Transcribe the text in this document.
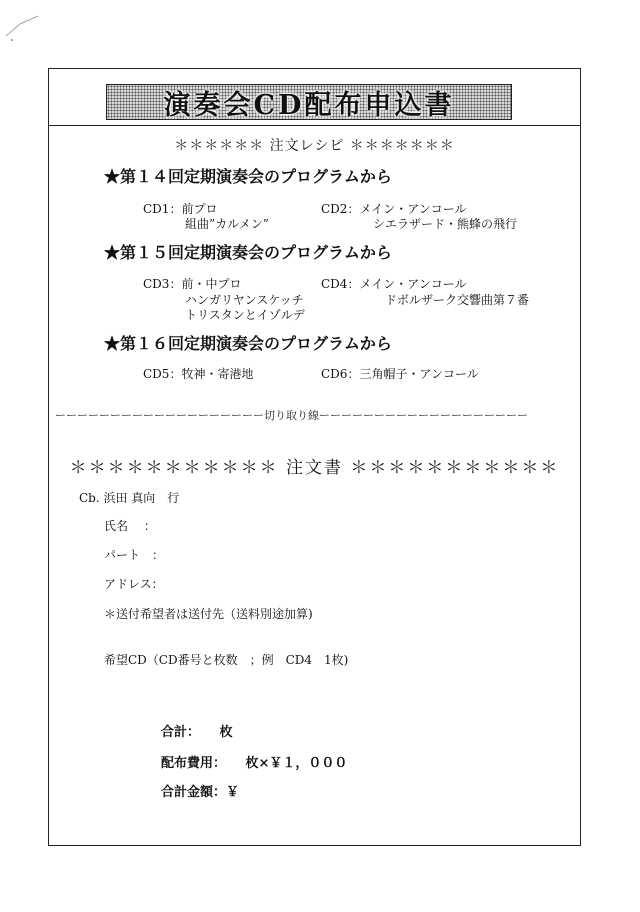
演奏会CD配布申込書
＊＊＊＊＊＊ 注文レシピ ＊＊＊＊＊＊＊
★第１４回定期演奏会のプログラムから
CD1：前プロ
組曲”カルメン”
CD2：メイン・アンコール
シエラザード・熊蜂の飛行
★第１５回定期演奏会のプログラムから
CD3：前・中プロ
ハンガリヤンスケッチ
トリスタンとイゾルデ
CD4：メイン・アンコール
ドボルザーク交響曲第７番
★第１６回定期演奏会のプログラムから
CD5：牧神・寄港地	CD6：三角帽子・アンコール
ーーーーーーーーーーーーーーーーーーー切り取り線ーーーーーーーーーーーーーーーーーーー
＊＊＊＊＊＊＊＊＊＊＊ 注文書 ＊＊＊＊＊＊＊＊＊＊＊
Cb. 浜田 真向　行
氏名　 ：
パート　：
アドレス：
＊送付希望者は送付先（送料別途加算)
希望CD（CD番号と枚数　；例　CD4　1枚)
合計：　　枚
配布費用：　　枚×￥１，０００
合計金額：￥
